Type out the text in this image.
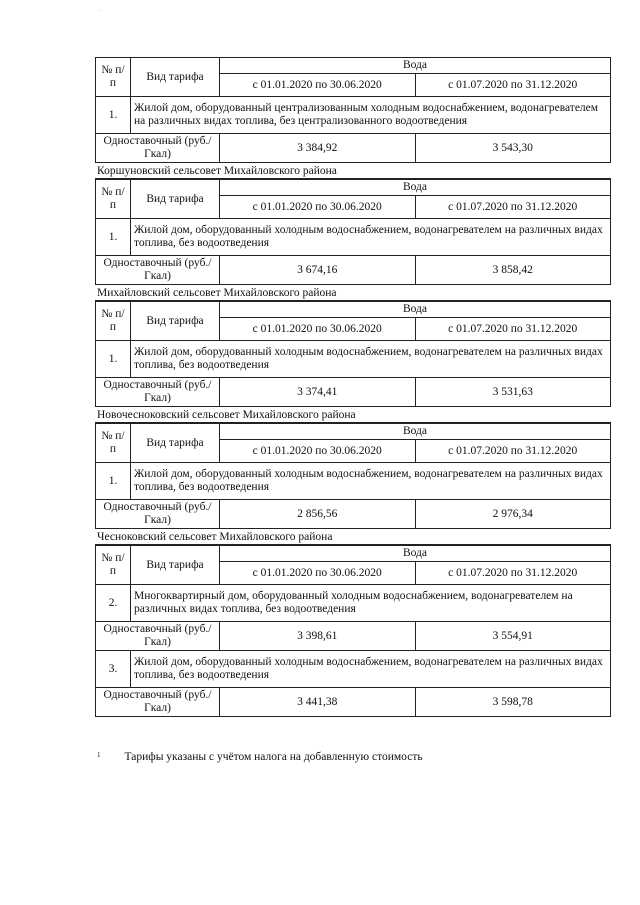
·
№ п/п	Вид тарифа	Вода	
		с 01.01.2020 по 30.06.2020	с 01.07.2020 по 31.12.2020
1.	Жилой дом, оборудованный централизованным холодным водоснабжением, водонагревателем на различных видах топлива, без централизованного водоотведения		
Одноставочный (руб./Гкал)		3 384,92	3 543,30
Коршуновский сельсовет Михайловского района
№ п/п	Вид тарифа	Вода	
		с 01.01.2020 по 30.06.2020	с 01.07.2020 по 31.12.2020
1.	Жилой дом, оборудованный холодным водоснабжением, водонагревателем на различных видах топлива, без водоотведения		
Одноставочный (руб./Гкал)		3 674,16	3 858,42
Михайловский сельсовет Михайловского района
№ п/п	Вид тарифа	Вода	
		с 01.01.2020 по 30.06.2020	с 01.07.2020 по 31.12.2020
1.	Жилой дом, оборудованный холодным водоснабжением, водонагревателем на различных видах топлива, без водоотведения		
Одноставочный (руб./Гкал)		3 374,41	3 531,63
Новочесноковский сельсовет Михайловского района
№ п/п	Вид тарифа	Вода	
		с 01.01.2020 по 30.06.2020	с 01.07.2020 по 31.12.2020
1.	Жилой дом, оборудованный холодным водоснабжением, водонагревателем на различных видах топлива, без водоотведения		
Одноставочный (руб./Гкал)		2 856,56	2 976,34
Чесноковский сельсовет Михайловского района
№ п/п	Вид тарифа	Вода	
		с 01.01.2020 по 30.06.2020	с 01.07.2020 по 31.12.2020
2.	Многоквартирный дом, оборудованный холодным водоснабжением, водонагревателем на различных видах топлива, без водоотведения		
Одноставочный (руб./Гкал)		3 398,61	3 554,91
3.	Жилой дом, оборудованный холодным водоснабжением, водонагревателем на различных видах топлива, без водоотведения		
Одноставочный (руб./Гкал)		3 441,38	3 598,78
$^1$ Тарифы указаны с учётом налога на добавленную стоимость
